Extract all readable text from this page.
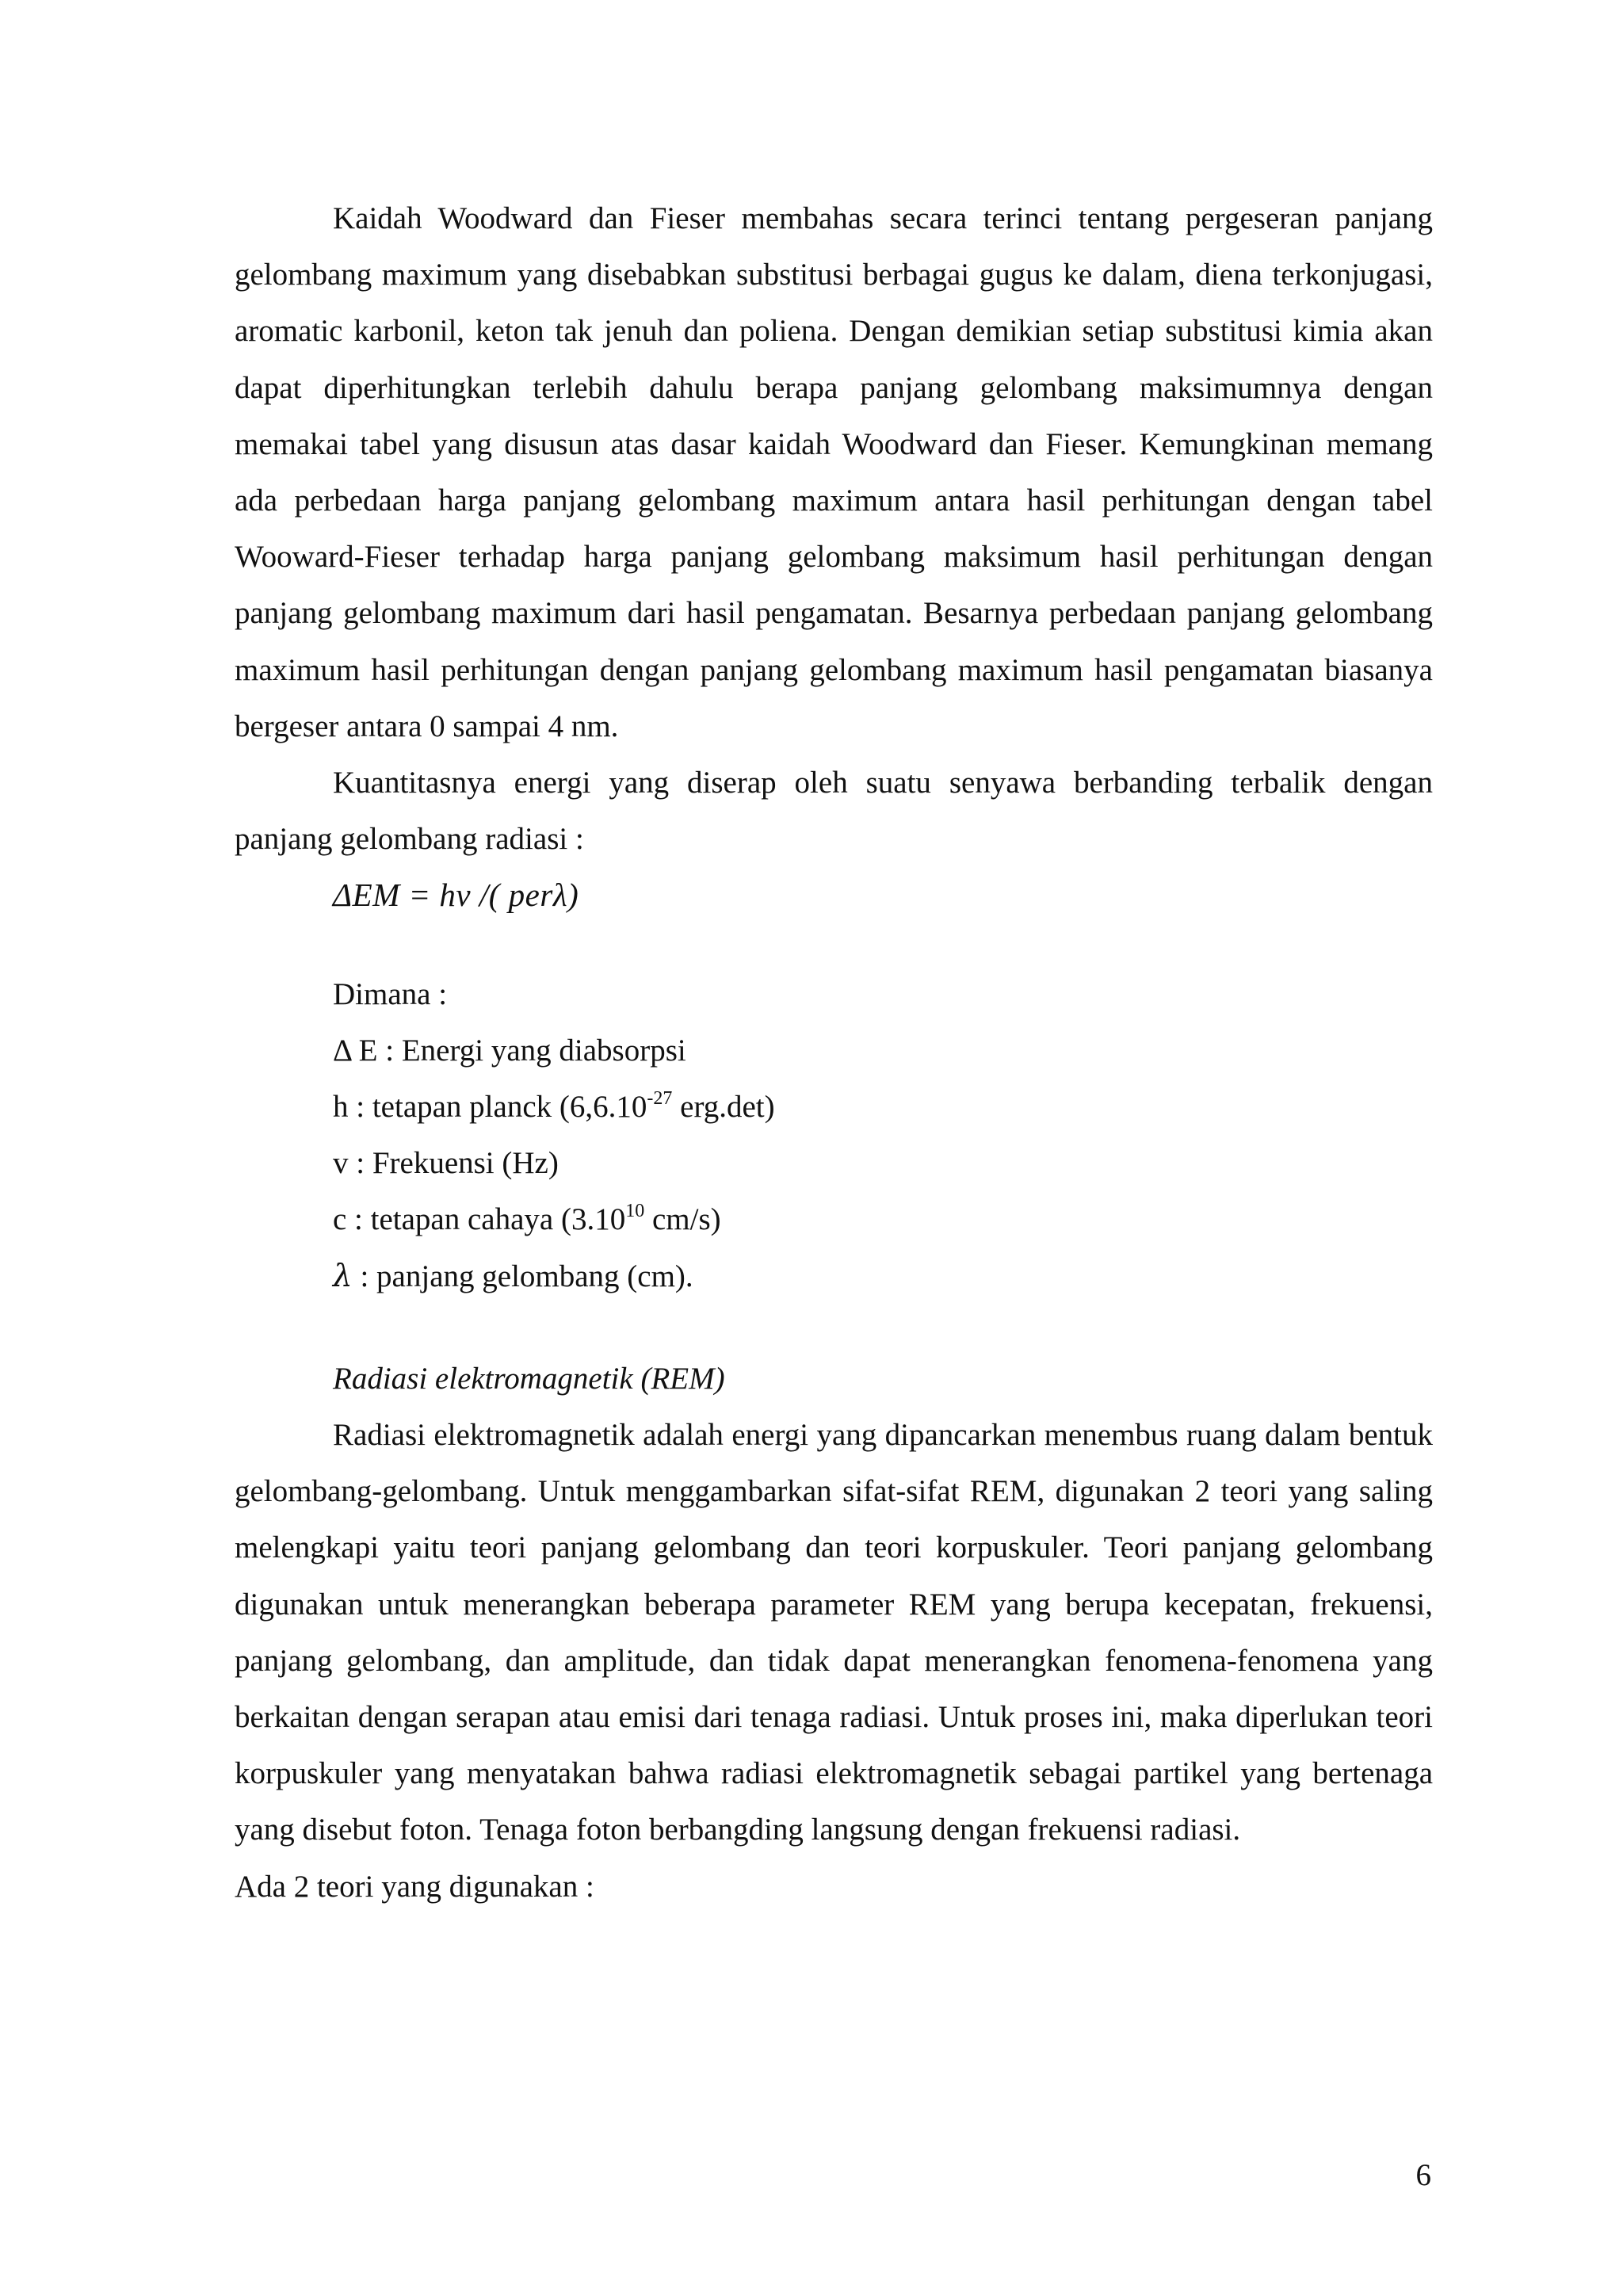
Kaidah Woodward dan Fieser membahas secara terinci tentang pergeseran panjang gelombang maximum yang disebabkan substitusi berbagai gugus ke dalam, diena terkonjugasi, aromatic karbonil, keton tak jenuh dan poliena. Dengan demikian setiap substitusi kimia akan dapat diperhitungkan terlebih dahulu berapa panjang gelombang maksimumnya dengan memakai tabel yang disusun atas dasar kaidah Woodward dan Fieser. Kemungkinan memang ada perbedaan harga panjang gelombang maximum antara hasil perhitungan dengan tabel Wooward-Fieser terhadap harga panjang gelombang maksimum hasil perhitungan dengan panjang gelombang maximum dari hasil pengamatan. Besarnya perbedaan panjang gelombang maximum hasil perhitungan dengan panjang gelombang maximum hasil pengamatan biasanya bergeser antara 0 sampai 4 nm.

Kuantitasnya energi yang diserap oleh suatu senyawa berbanding terbalik dengan panjang gelombang radiasi :

ΔEM = hv /( perλ)

Dimana :

Δ E : Energi yang diabsorpsi

h : tetapan planck ($6,6.10^{-27}$ erg.det)

v : Frekuensi (Hz)

c : tetapan cahaya (3.10$^{10}$ cm/s)

λ : panjang gelombang (cm).

Radiasi elektromagnetik (REM)

Radiasi elektromagnetik adalah energi yang dipancarkan menembus ruang dalam bentuk gelombang-gelombang. Untuk menggambarkan sifat-sifat REM, digunakan 2 teori yang saling melengkapi yaitu teori panjang gelombang dan teori korpuskuler. Teori panjang gelombang digunakan untuk menerangkan beberapa parameter REM yang berupa kecepatan, frekuensi, panjang gelombang, dan amplitude, dan tidak dapat menerangkan fenomena-fenomena yang berkaitan dengan serapan atau emisi dari tenaga radiasi. Untuk proses ini, maka diperlukan teori korpuskuler yang menyatakan bahwa radiasi elektromagnetik sebagai partikel yang bertenaga yang disebut foton. Tenaga foton berbangding langsung dengan frekuensi radiasi.

Ada 2 teori yang digunakan :

6
